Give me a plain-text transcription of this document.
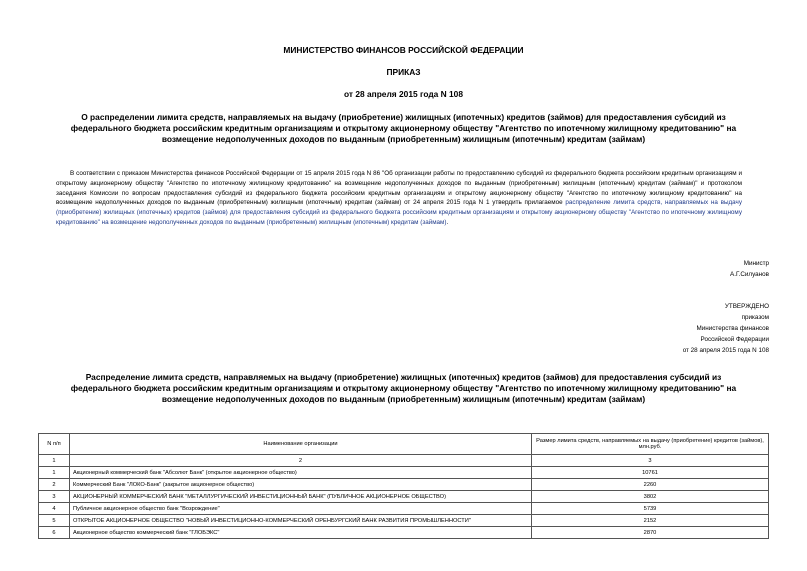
МИНИСТЕРСТВО ФИНАНСОВ РОССИЙСКОЙ ФЕДЕРАЦИИ
ПРИКАЗ
от 28 апреля 2015 года N 108
О распределении лимита средств, направляемых на выдачу (приобретение) жилищных (ипотечных) кредитов (займов) для предоставления субсидий из федерального бюджета российским кредитным организациям и открытому акционерному обществу "Агентство по ипотечному жилищному кредитованию" на возмещение недополученных доходов по выданным (приобретенным) жилищным (ипотечным) кредитам (займам)
В соответствии с приказом Министерства финансов Российской Федерации от 15 апреля 2015 года N 86 "Об организации работы по предоставлению субсидий из федерального бюджета российским кредитным организациям и открытому акционерному обществу "Агентство по ипотечному жилищному кредитованию" на возмещение недополученных доходов по выданным (приобретенным) жилищным (ипотечным) кредитам (займам)" и протоколом заседания Комиссии по вопросам предоставления субсидий из федерального бюджета российским кредитным организациям и открытому акционерному обществу "Агентство по ипотечному жилищному кредитованию" на возмещение недополученных доходов по выданным (приобретенным) жилищным (ипотечным) кредитам (займам) от 24 апреля 2015 года N 1 утвердить прилагаемое распределение лимита средств, направляемых на выдачу (приобретение) жилищных (ипотечных) кредитов (займов) для предоставления субсидий из федерального бюджета российским кредитным организациям и открытому акционерному обществу "Агентство по ипотечному жилищному кредитованию" на возмещение недополученных доходов по выданным (приобретенным) жилищным (ипотечным) кредитам (займам).
Министр
А.Г.Силуанов
УТВЕРЖДЕНО
приказом
Министерства финансов
Российской Федерации
от 28 апреля 2015 года N 108
Распределение лимита средств, направляемых на выдачу (приобретение) жилищных (ипотечных) кредитов (займов) для предоставления субсидий из федерального бюджета российским кредитным организациям и открытому акционерному обществу "Агентство по ипотечному жилищному кредитованию" на возмещение недополученных доходов по выданным (приобретенным) жилищным (ипотечным) кредитам (займам)
N п/п	Наименование организации	Размер лимита средств, направляемых на выдачу (приобретение) кредитов (займов), млн.руб.
1	2	3
1	Акционерный коммерческий банк "Абсолют Банк" (открытое акционерное общество)	10761
2	Коммерческий Банк "ЛОКО-Банк" (закрытое акционерное общество)	2260
3	АКЦИОНЕРНЫЙ КОММЕРЧЕСКИЙ БАНК "МЕТАЛЛУРГИЧЕСКИЙ ИНВЕСТИЦИОННЫЙ БАНК" (ПУБЛИЧНОЕ АКЦИОНЕРНОЕ ОБЩЕСТВО)	3802
4	Публичное акционерное общество банк "Возрождение"	5739
5	ОТКРЫТОЕ АКЦИОНЕРНОЕ ОБЩЕСТВО "НОВЫЙ ИНВЕСТИЦИОННО-КОММЕРЧЕСКИЙ ОРЕНБУРГСКИЙ БАНК РАЗВИТИЯ ПРОМЫШЛЕННОСТИ"	2152
6	Акционерное общество коммерческий банк "ГЛОБЭКС"	2870
